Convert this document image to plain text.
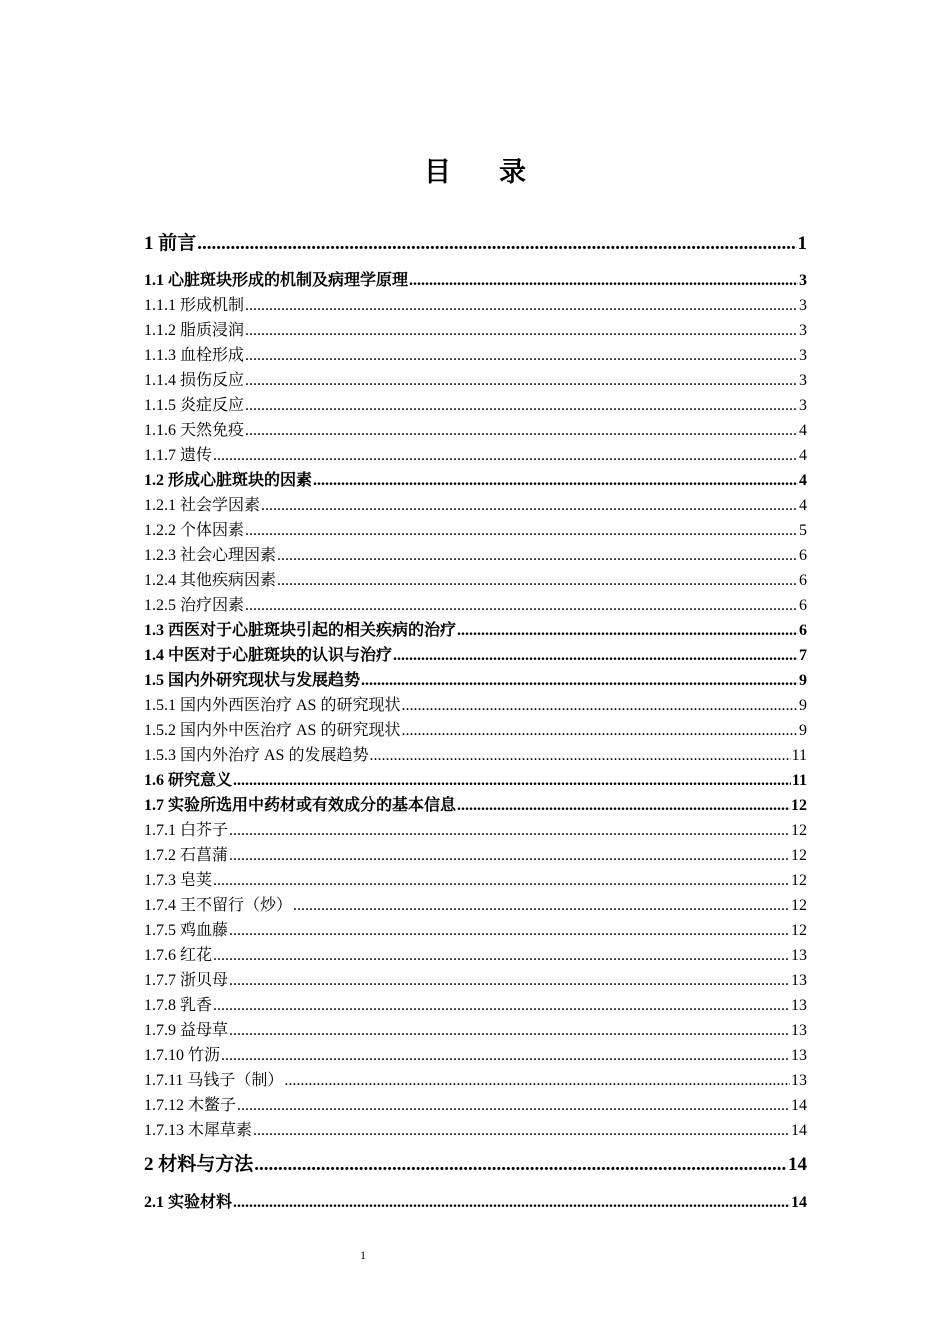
目 录
1 前言 .....	1
1.1 心脏斑块形成的机制及病理学原理 .....	3
1.1.1 形成机制 .....	3
1.1.2 脂质浸润 .....	3
1.1.3 血栓形成 .....	3
1.1.4 损伤反应 .....	3
1.1.5 炎症反应 .....	3
1.1.6 天然免疫 .....	4
1.1.7 遗传 .....	4
1.2 形成心脏斑块的因素 .....	4
1.2.1 社会学因素 .....	4
1.2.2 个体因素 .....	5
1.2.3 社会心理因素 .....	6
1.2.4 其他疾病因素 .....	6
1.2.5 治疗因素 .....	6
1.3 西医对于心脏斑块引起的相关疾病的治疗 .....	6
1.4 中医对于心脏斑块的认识与治疗 .....	7
1.5 国内外研究现状与发展趋势 .....	9
1.5.1 国内外西医治疗 AS 的研究现状 .....	9
1.5.2 国内外中医治疗 AS 的研究现状 .....	9
1.5.3 国内外治疗 AS 的发展趋势 .....	11
1.6 研究意义 .....	11
1.7 实验所选用中药材或有效成分的基本信息 .....	12
1.7.1 白芥子 .....	12
1.7.2 石菖蒲 .....	12
1.7.3 皂荚 .....	12
1.7.4 王不留行（炒） .....	12
1.7.5 鸡血藤 .....	12
1.7.6 红花 .....	13
1.7.7 浙贝母 .....	13
1.7.8 乳香 .....	13
1.7.9 益母草 .....	13
1.7.10 竹沥 .....	13
1.7.11 马钱子（制） .....	13
1.7.12 木鳖子 .....	14
1.7.13 木犀草素 .....	14
2 材料与方法 .....	14
2.1 实验材料 .....	14
1
